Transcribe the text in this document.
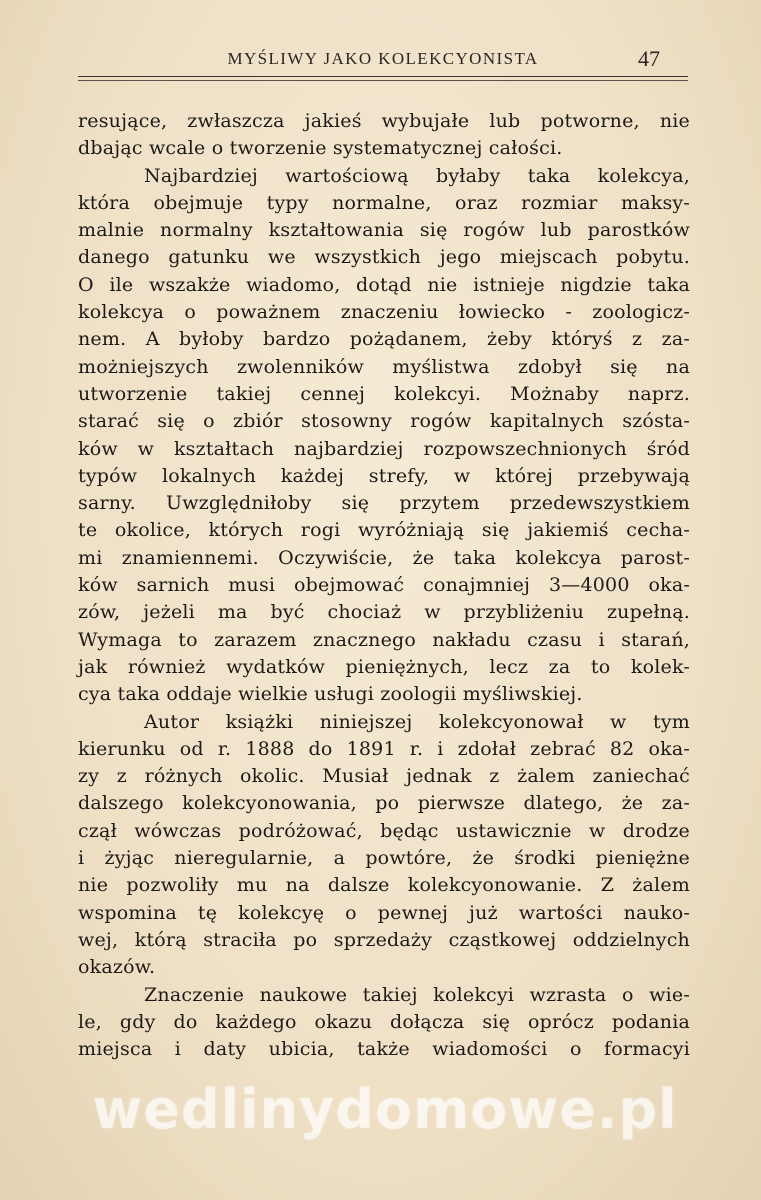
MYŚLIWY JAKO KOLEKCYONISTA	47
resujące, zwłaszcza jakieś wybujałe lub potworne, nie
dbając wcale o tworzenie systematycznej całości.
Najbardziej wartościową byłaby taka kolekcya,
która obejmuje typy normalne, oraz rozmiar maksy-
malnie normalny kształtowania się rogów lub parostków
danego gatunku we wszystkich jego miejscach pobytu.
O ile wszakże wiadomo, dotąd nie istnieje nigdzie taka
kolekcya o poważnem znaczeniu łowiecko - zoologicz-
nem. A byłoby bardzo pożądanem, żeby któryś z za-
możniejszych zwolenników myślistwa zdobył się na
utworzenie takiej cennej kolekcyi. Możnaby naprz.
starać się o zbiór stosowny rogów kapitalnych szósta-
ków w kształtach najbardziej rozpowszechnionych śród
typów lokalnych każdej strefy, w której przebywają
sarny. Uwzględniłoby się przytem przedewszystkiem
te okolice, których rogi wyróżniają się jakiemiś cecha-
mi znamiennemi. Oczywiście, że taka kolekcya parost-
ków sarnich musi obejmować conajmniej 3—4000 oka-
zów, jeżeli ma być chociaż w przybliżeniu zupełną.
Wymaga to zarazem znacznego nakładu czasu i starań,
jak również wydatków pieniężnych, lecz za to kolek-
cya taka oddaje wielkie usługi zoologii myśliwskiej.
Autor książki niniejszej kolekcyonował w tym
kierunku od r. 1888 do 1891 r. i zdołał zebrać 82 oka-
zy z różnych okolic. Musiał jednak z żalem zaniechać
dalszego kolekcyonowania, po pierwsze dlatego, że za-
czął wówczas podróżować, będąc ustawicznie w drodze
i żyjąc nieregularnie, a powtóre, że środki pieniężne
nie pozwoliły mu na dalsze kolekcyonowanie. Z żalem
wspomina tę kolekcyę o pewnej już wartości nauko-
wej, którą straciła po sprzedaży cząstkowej oddzielnych
okazów.
Znaczenie naukowe takiej kolekcyi wzrasta o wie-
le, gdy do każdego okazu dołącza się oprócz podania
miejsca i daty ubicia, także wiadomości o formacyi
wedlinydomowe.pl
